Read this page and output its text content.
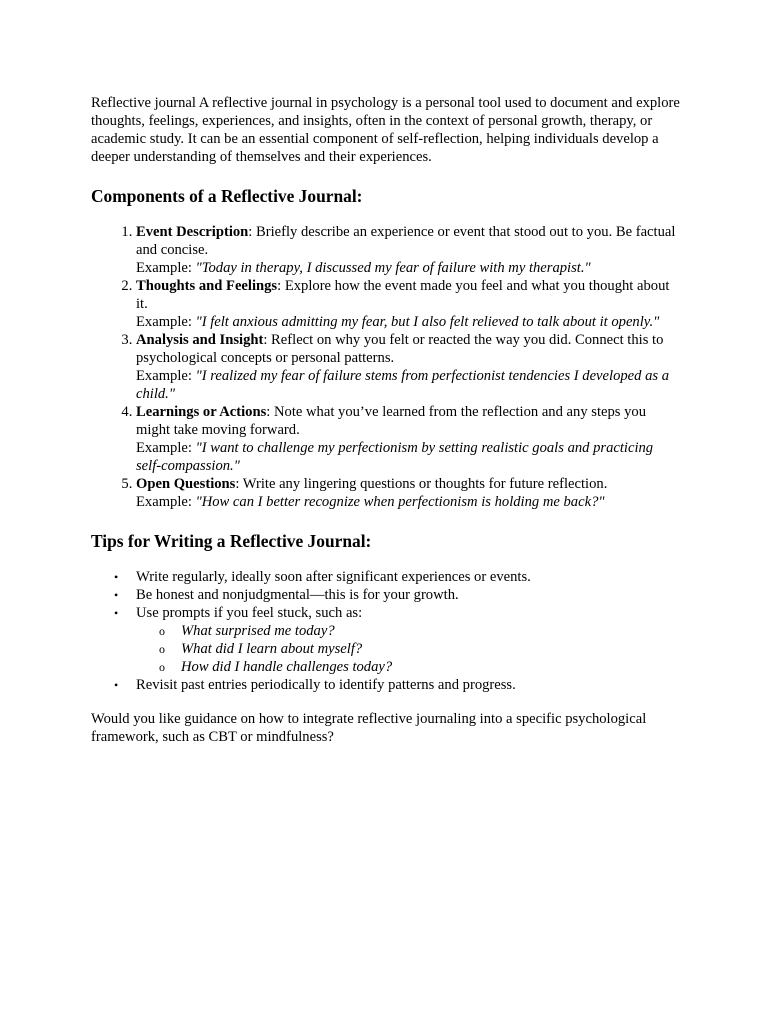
Reflective journal A reflective journal in psychology is a personal tool used to document and explore thoughts, feelings, experiences, and insights, often in the context of personal growth, therapy, or academic study. It can be an essential component of self-reflection, helping individuals develop a deeper understanding of themselves and their experiences.

Components of a Reflective Journal:
1. Event Description: Briefly describe an experience or event that stood out to you. Be factual and concise.
Example: "Today in therapy, I discussed my fear of failure with my therapist."
2. Thoughts and Feelings: Explore how the event made you feel and what you thought about it.
Example: "I felt anxious admitting my fear, but I also felt relieved to talk about it openly."
3. Analysis and Insight: Reflect on why you felt or reacted the way you did. Connect this to psychological concepts or personal patterns.
Example: "I realized my fear of failure stems from perfectionist tendencies I developed as a child."
4. Learnings or Actions: Note what you’ve learned from the reflection and any steps you might take moving forward.
Example: "I want to challenge my perfectionism by setting realistic goals and practicing self-compassion."
5. Open Questions: Write any lingering questions or thoughts for future reflection.
Example: "How can I better recognize when perfectionism is holding me back?"
Tips for Writing a Reflective Journal:
• Write regularly, ideally soon after significant experiences or events.
• Be honest and nonjudgmental—this is for your growth.
• Use prompts if you feel stuck, such as:
o What surprised me today?
o What did I learn about myself?
o How did I handle challenges today?
• Revisit past entries periodically to identify patterns and progress.

Would you like guidance on how to integrate reflective journaling into a specific psychological framework, such as CBT or mindfulness?
